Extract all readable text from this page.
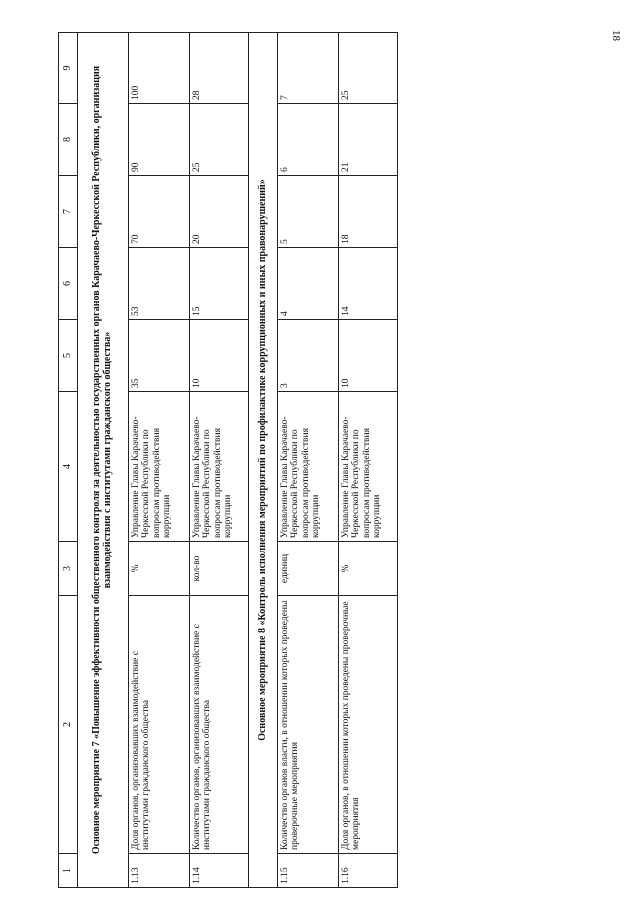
18
1	2	3	4	5	6	7	8	9
Основное мероприятие 7 «Повышение эффективности общественного контроля за деятельностью государственных органов Карачаево-Черкесской Республики, организация взаимодействия с институтами гражданского общества»								
1.13	Доля органов, организовавших взаимодействие с институтами гражданского общества	%	Управление Главы Карачаево-Черкесской Республики по вопросам противодействия коррупции	35	53	70	90	100
1.14	Количество органов, организовавших взаимодействие с институтами гражданского общества	кол-во	Управление Главы Карачаево-Черкесской Республики по вопросам противодействия коррупции	10	15	20	25	28
Основное мероприятие 8 «Контроль исполнения мероприятий по профилактике коррупционных и иных правонарушений»								
1.15	Количество органов власти, в отношении которых проведены проверочные мероприятия	единиц	Управление Главы Карачаево-Черкесской Республики по вопросам противодействия коррупции	3	4	5	6	7
1.16	Доля органов, в отношении которых проведены проверочные мероприятия	%	Управление Главы Карачаево-Черкесской Республики по вопросам противодействия коррупции	10	14	18	21	25
